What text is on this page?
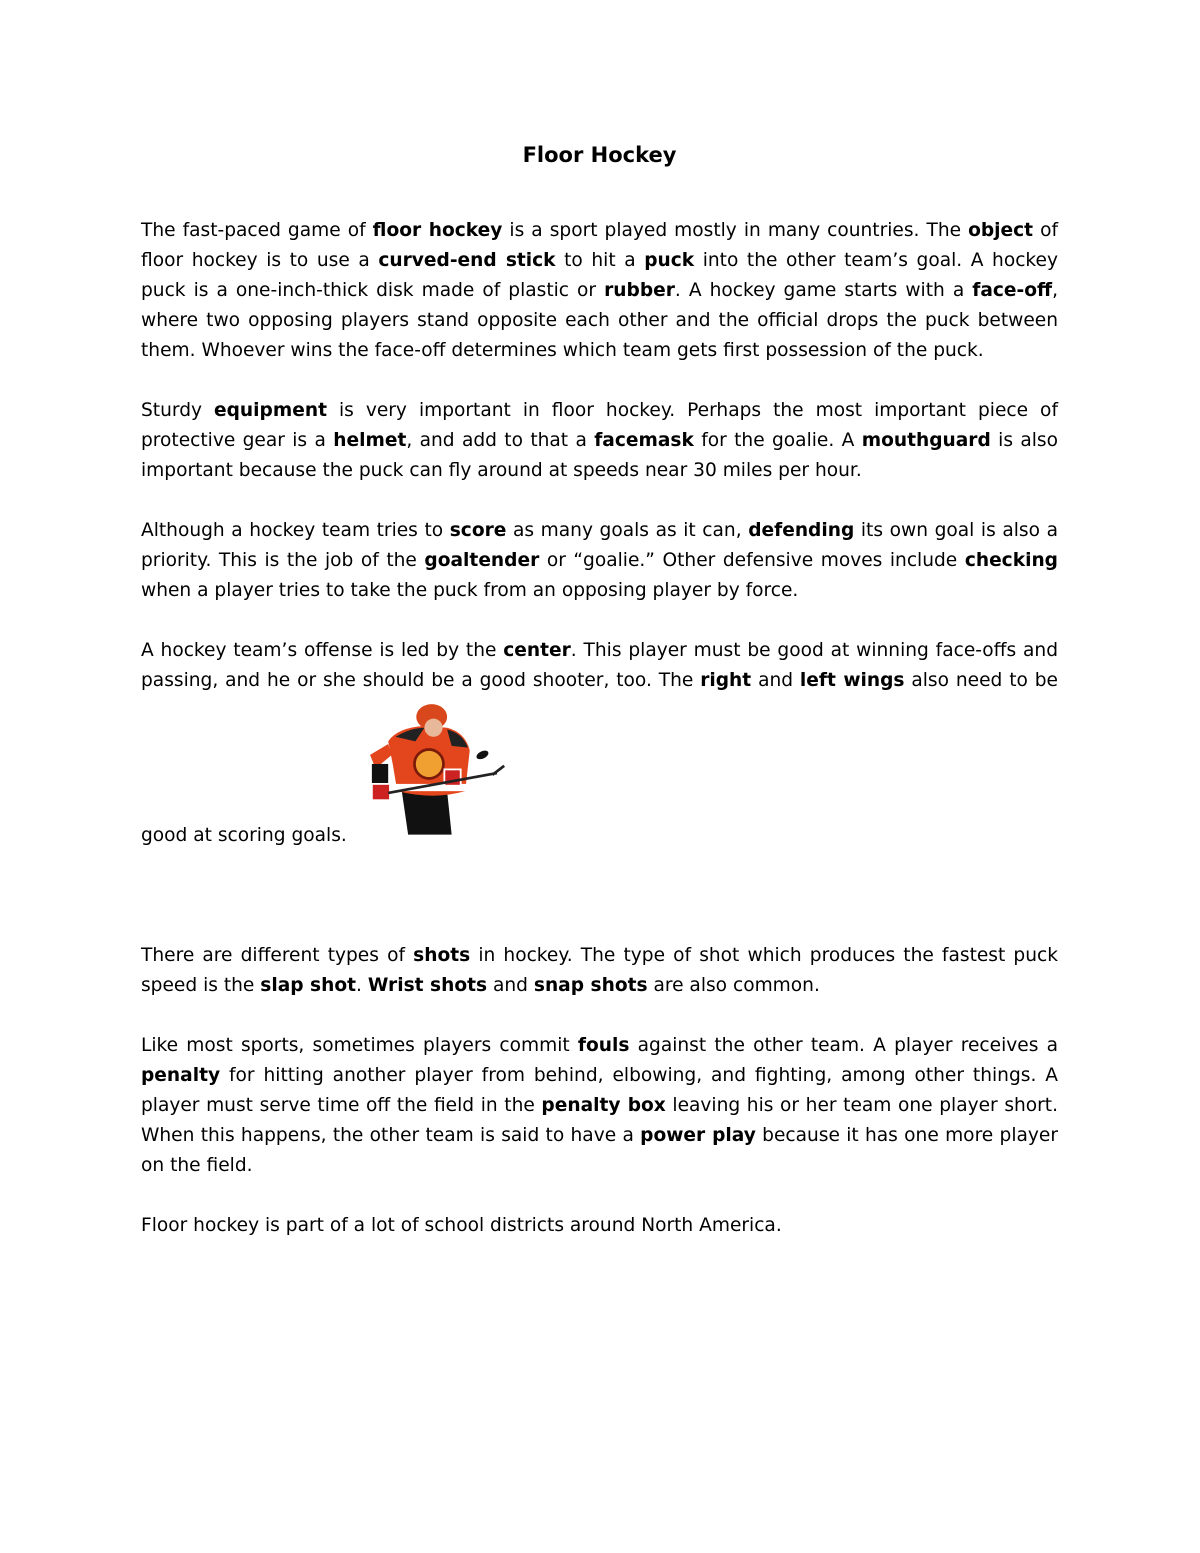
Floor Hockey

The fast-paced game of floor hockey is a sport played mostly in many countries. The object of floor hockey is to use a curved-end stick to hit a puck into the other team’s goal. A hockey puck is a one-inch-thick disk made of plastic or rubber. A hockey game starts with a face-off, where two opposing players stand opposite each other and the official drops the puck between them. Whoever wins the face-off determines which team gets first possession of the puck.

Sturdy equipment is very important in floor hockey. Perhaps the most important piece of protective gear is a helmet, and add to that a facemask for the goalie. A mouthguard is also important because the puck can fly around at speeds near 30 miles per hour.

Although a hockey team tries to score as many goals as it can, defending its own goal is also a priority. This is the job of the goaltender or “goalie.” Other defensive moves include checking when a player tries to take the puck from an opposing player by force.

A hockey team’s offense is led by the center. This player must be good at winning face-offs and passing, and he or she should be a good shooter, too. The right and left wings also need to be good at scoring goals.

There are different types of shots in hockey. The type of shot which produces the fastest puck speed is the slap shot. Wrist shots and snap shots are also common.

Like most sports, sometimes players commit fouls against the other team. A player receives a penalty for hitting another player from behind, elbowing, and fighting, among other things. A player must serve time off the field in the penalty box leaving his or her team one player short. When this happens, the other team is said to have a power play because it has one more player on the field.

Floor hockey is part of a lot of school districts around North America.
